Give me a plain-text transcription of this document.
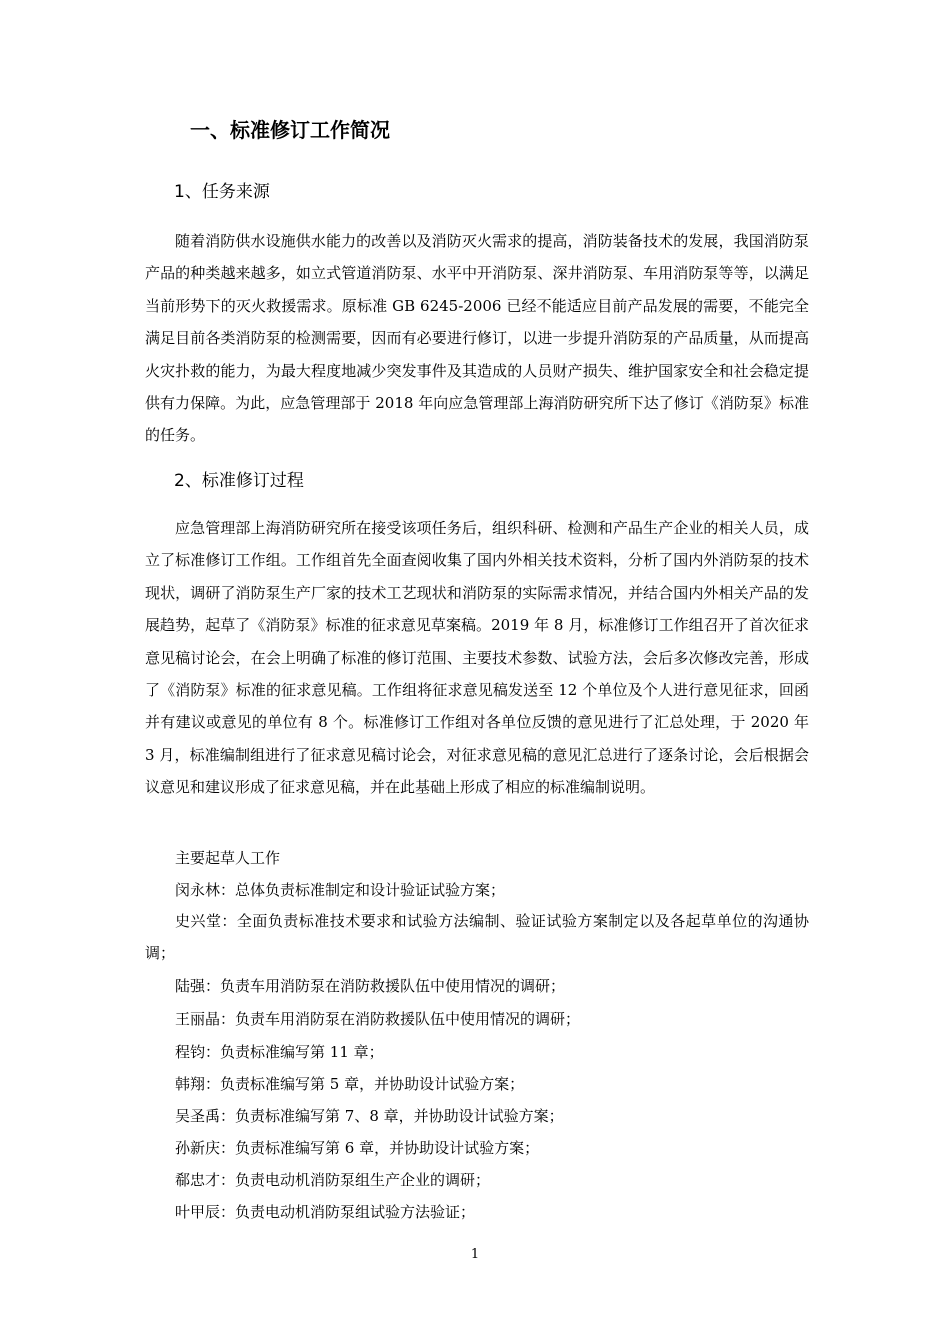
一、标准修订工作简况
1、任务来源

随着消防供水设施供水能力的改善以及消防灭火需求的提高，消防装备技术的发展，我国消防泵产品的种类越来越多，如立式管道消防泵、水平中开消防泵、深井消防泵、车用消防泵等等，以满足当前形势下的灭火救援需求。原标准 GB 6245-2006 已经不能适应目前产品发展的需要，不能完全满足目前各类消防泵的检测需要，因而有必要进行修订，以进一步提升消防泵的产品质量，从而提高火灾扑救的能力，为最大程度地减少突发事件及其造成的人员财产损失、维护国家安全和社会稳定提供有力保障。为此，应急管理部于 2018 年向应急管理部上海消防研究所下达了修订《消防泵》标准的任务。

2、标准修订过程

应急管理部上海消防研究所在接受该项任务后，组织科研、检测和产品生产企业的相关人员，成立了标准修订工作组。工作组首先全面查阅收集了国内外相关技术资料，分析了国内外消防泵的技术现状，调研了消防泵生产厂家的技术工艺现状和消防泵的实际需求情况，并结合国内外相关产品的发展趋势，起草了《消防泵》标准的征求意见草案稿。2019 年 8 月，标准修订工作组召开了首次征求意见稿讨论会，在会上明确了标准的修订范围、主要技术参数、试验方法，会后多次修改完善，形成了《消防泵》标准的征求意见稿。工作组将征求意见稿发送至 12 个单位及个人进行意见征求，回函并有建议或意见的单位有 8 个。标准修订工作组对各单位反馈的意见进行了汇总处理，于 2020 年 3 月，标准编制组进行了征求意见稿讨论会，对征求意见稿的意见汇总进行了逐条讨论，会后根据会议意见和建议形成了征求意见稿，并在此基础上形成了相应的标准编制说明。

主要起草人工作
闵永林：总体负责标准制定和设计验证试验方案；

史兴堂：全面负责标准技术要求和试验方法编制、验证试验方案制定以及各起草单位的沟通协调；

陆强：负责车用消防泵在消防救援队伍中使用情况的调研；
王丽晶：负责车用消防泵在消防救援队伍中使用情况的调研；
程钧：负责标准编写第 11 章；
韩翔：负责标准编写第 5 章，并协助设计试验方案；
吴圣禹：负责标准编写第 7、8 章，并协助设计试验方案；
孙新庆：负责标准编写第 6 章，并协助设计试验方案；
郗忠才：负责电动机消防泵组生产企业的调研；
叶甲辰：负责电动机消防泵组试验方法验证；
1
